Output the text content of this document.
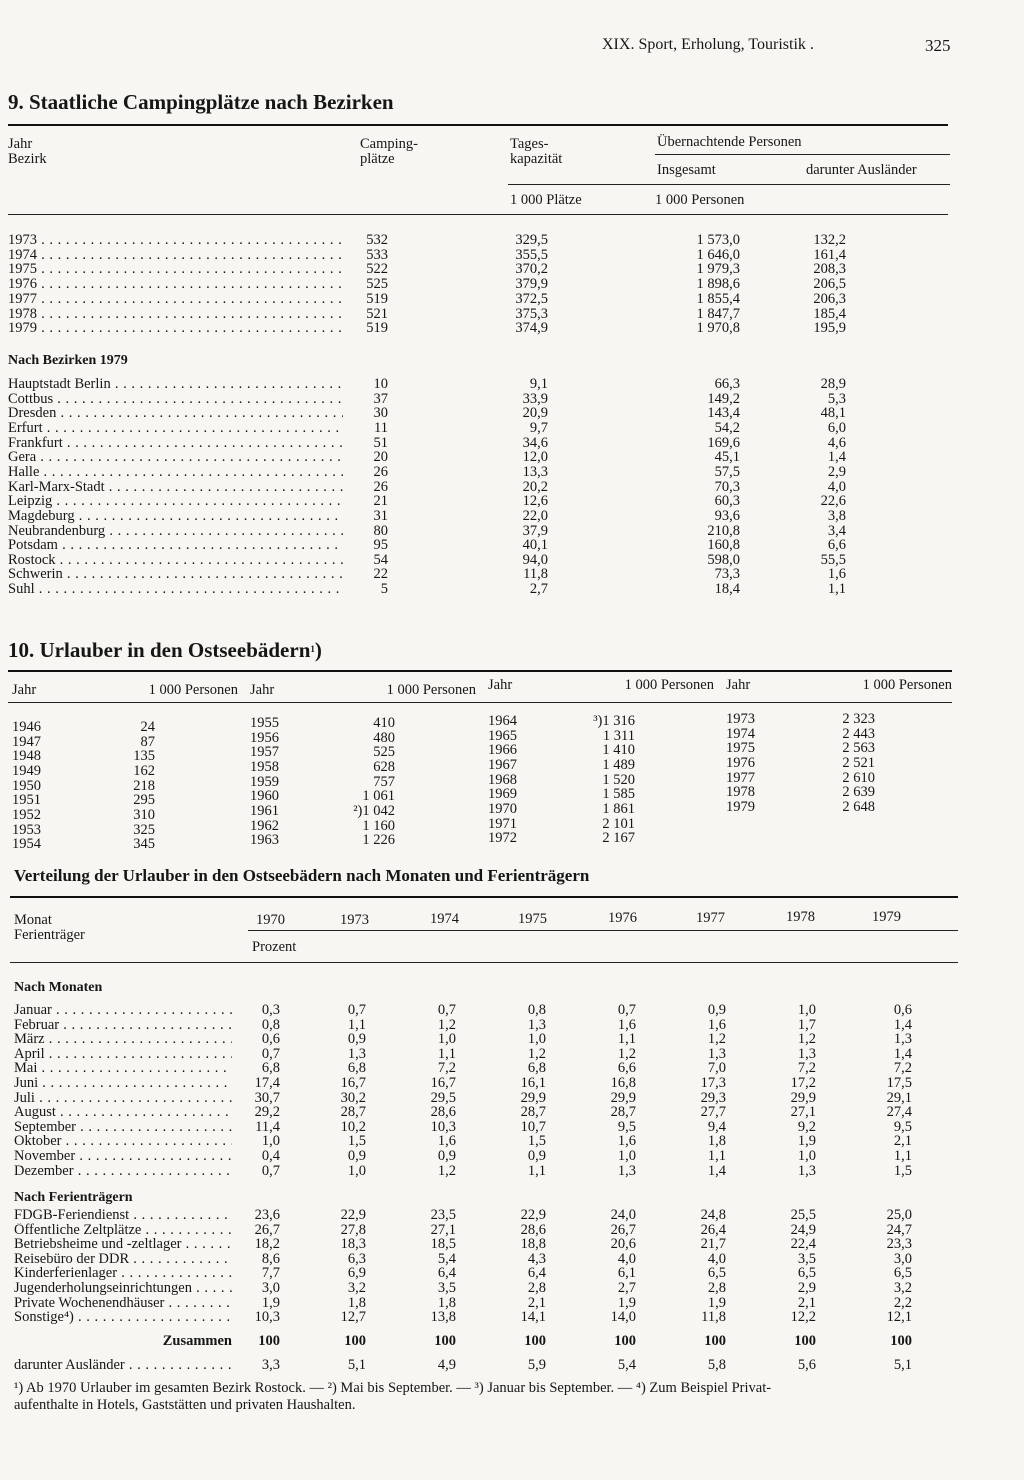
XIX. Sport, Erholung, Touristik .	325
9. Staatliche Campingplätze nach Bezirken
Jahr
Bezirk
Camping-
plätze
Tages-
kapazität
Übernachtende Personen
Insgesamt	darunter Ausländer
1 000 Plätze	1 000 Personen
1973 . . .	532	329,5	1 573,0	132,2
1974 . . .	533	355,5	1 646,0	161,4
1975 . . .	522	370,2	1 979,3	208,3
1976 . . .	525	379,9	1 898,6	206,5
1977 . . .	519	372,5	1 855,4	206,3
1978 . . .	521	375,3	1 847,7	185,4
1979 . . .	519	374,9	1 970,8	195,9
Nach Bezirken 1979
Hauptstadt Berlin . . .	10	9,1	66,3	28,9
Cottbus . . .	37	33,9	149,2	5,3
Dresden . . .	30	20,9	143,4	48,1
Erfurt . . .	11	9,7	54,2	6,0
Frankfurt . . .	51	34,6	169,6	4,6
Gera . . .	20	12,0	45,1	1,4
Halle . . .	26	13,3	57,5	2,9
Karl-Marx-Stadt . . .	26	20,2	70,3	4,0
Leipzig . . .	21	12,6	60,3	22,6
Magdeburg . . .	31	22,0	93,6	3,8
Neubrandenburg . . .	80	37,9	210,8	3,4
Potsdam . . .	95	40,1	160,8	6,6
Rostock . . .	54	94,0	598,0	55,5
Schwerin . . .	22	11,8	73,3	1,6
Suhl . . .	5	2,7	18,4	1,1
10. Urlauber in den Ostseebädern$^1$)
Jahr	1 000 Personen Jahr	1 000 Personen Jahr	1 000 Personen Jahr	1 000 Personen
1946	24
1947	87
1948	135
1949	162
1950	218
1951	295
1952	310
1953	325
1954	345
1955	410
1956	480
1957	525
1958	628
1959	757
1960	1 061
1961	²)1 042
1962	1 160
1963	1 226
1964	³)1 316
1965	1 311
1966	1 410
1967	1 489
1968	1 520
1969	1 585
1970	1 861
1971	2 101
1972	2 167
1973	2 323
1974	2 443
1975	2 563
1976	2 521
1977	2 610
1978	2 639
1979	2 648
Verteilung der Urlauber in den Ostseebädern nach Monaten und Ferienträgern
Monat
Ferienträger
1970	1973	1974	1975	1976	1977	1978	1979
Prozent
Nach Monaten
Januar . . .	0,3	0,7	0,7	0,8	0,7	0,9	1,0	0,6
Februar . . .	0,8	1,1	1,2	1,3	1,6	1,6	1,7	1,4
März . . .	0,6	0,9	1,0	1,0	1,1	1,2	1,2	1,3
April . . .	0,7	1,3	1,1	1,2	1,2	1,3	1,3	1,4
Mai . . .	6,8	6,8	7,2	6,8	6,6	7,0	7,2	7,2
Juni . . .	17,4	16,7	16,7	16,1	16,8	17,3	17,2	17,5
Juli . . .	30,7	30,2	29,5	29,9	29,9	29,3	29,9	29,1
August . . .	29,2	28,7	28,6	28,7	28,7	27,7	27,1	27,4
September . . .	11,4	10,2	10,3	10,7	9,5	9,4	9,2	9,5
Oktober . . .	1,0	1,5	1,6	1,5	1,6	1,8	1,9	2,1
November . . .	0,4	0,9	0,9	0,9	1,0	1,1	1,0	1,1
Dezember . . .	0,7	1,0	1,2	1,1	1,3	1,4	1,3	1,5
Nach Ferienträgern
FDGB-Feriendienst . . .	23,6	22,9	23,5	22,9	24,0	24,8	25,5	25,0
Öffentliche Zeltplätze . . .	26,7	27,8	27,1	28,6	26,7	26,4	24,9	24,7
Betriebsheime und -zeltlager . . .	18,2	18,3	18,5	18,8	20,6	21,7	22,4	23,3
Reisebüro der DDR . . .	8,6	6,3	5,4	4,3	4,0	4,0	3,5	3,0
Kinderferienlager . . .	7,7	6,9	6,4	6,4	6,1	6,5	6,5	6,5
Jugenderholungseinrichtungen . . .	3,0	3,2	3,5	2,8	2,7	2,8	2,9	3,2
Private Wochenendhäuser . . .	1,9	1,8	1,8	2,1	1,9	1,9	2,1	2,2
Sonstige⁴) . . .	10,3	12,7	13,8	14,1	14,0	11,8	12,2	12,1
Zusammen	100	100	100	100	100	100	100	100
darunter Ausländer . . .	3,3	5,1	4,9	5,9	5,4	5,8	5,6	5,1
¹) Ab 1970 Urlauber im gesamten Bezirk Rostock. — ²) Mai bis September. — ³) Januar bis September. — ⁴) Zum Beispiel Privat-
aufenthalte in Hotels, Gaststätten und privaten Haushalten.
